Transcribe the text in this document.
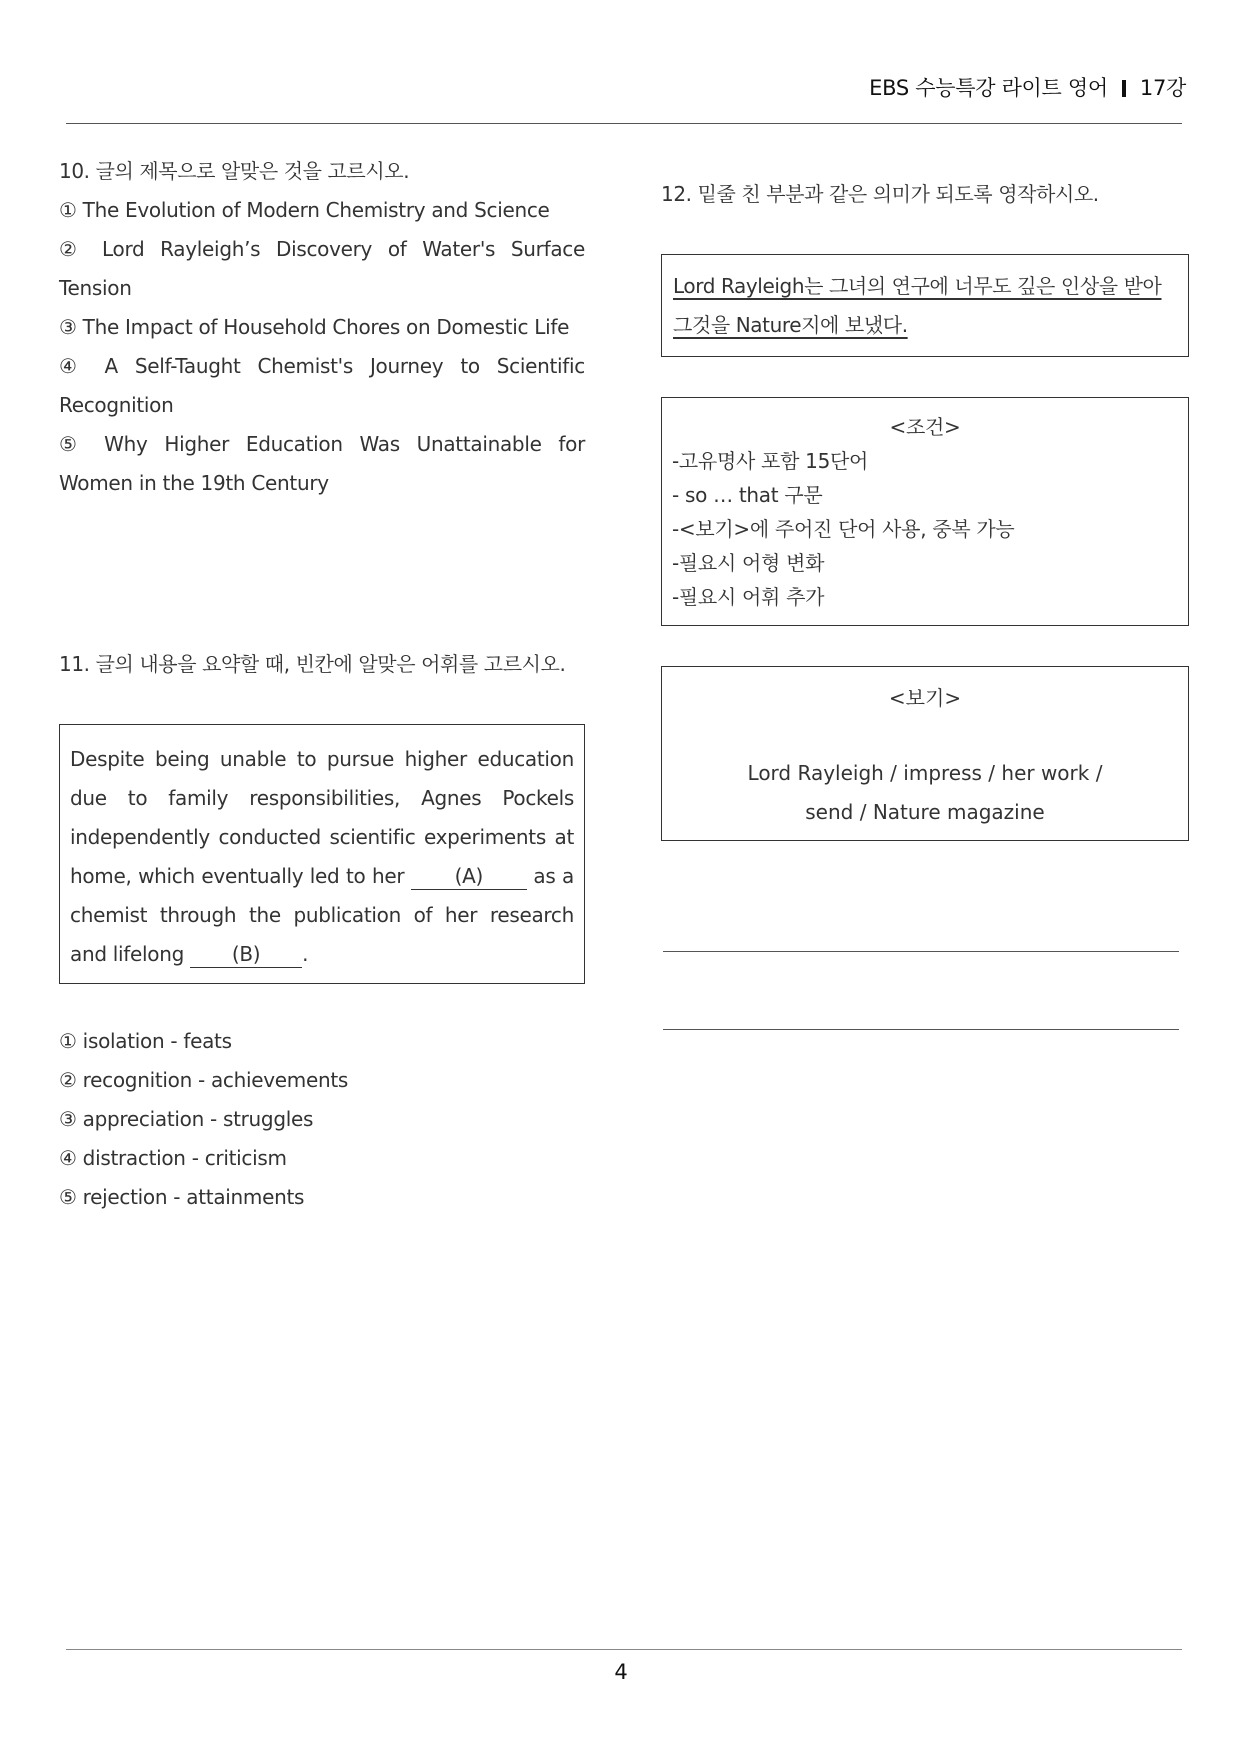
EBS 수능특강 라이트 영어 17강
10. 글의 제목으로 알맞은 것을 고르시오.
① The Evolution of Modern Chemistry and Science
② Lord Rayleigh’s Discovery of Water's Surface Tension
③ The Impact of Household Chores on Domestic Life
④ A Self-Taught Chemist's Journey to Scientific Recognition
⑤ Why Higher Education Was Unattainable for Women in the 19th Century
11. 글의 내용을 요약할 때, 빈칸에 알맞은 어휘를 고르시오.
Despite being unable to pursue higher education due to family responsibilities, Agnes Pockels independently conducted scientific experiments at home, which eventually led to her (A) as a chemist through the publication of her research and lifelong (B) .
① isolation - feats
② recognition - achievements
③ appreciation - struggles
④ distraction - criticism
⑤ rejection - attainments
12. 밑줄 친 부분과 같은 의미가 되도록 영작하시오.
Lord Rayleigh는 그녀의 연구에 너무도 깊은 인상을 받아 그것을 Nature지에 보냈다.
<조건>
-고유명사 포함 15단어
- so … that 구문
-<보기>에 주어진 단어 사용, 중복 가능
-필요시 어형 변화
-필요시 어휘 추가
<보기>
Lord Rayleigh / impress / her work /
send / Nature magazine
4
